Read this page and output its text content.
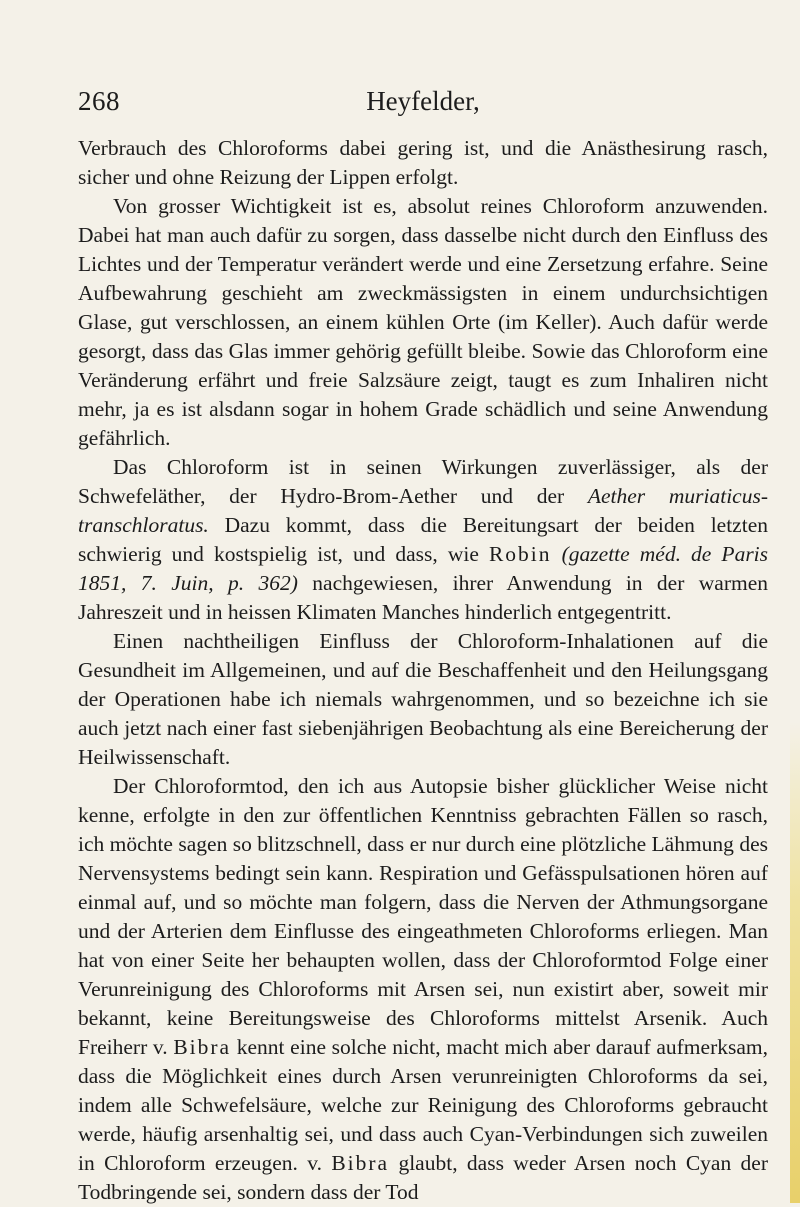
268	Heyfelder,

Verbrauch des Chloroforms dabei gering ist, und die Anästhesirung rasch, sicher und ohne Reizung der Lippen erfolgt.

Von grosser Wichtigkeit ist es, absolut reines Chloroform anzuwenden. Dabei hat man auch dafür zu sorgen, dass dasselbe nicht durch den Einfluss des Lichtes und der Temperatur verändert werde und eine Zersetzung erfahre. Seine Aufbewahrung geschieht am zweckmässigsten in einem undurchsichtigen Glase, gut verschlossen, an einem kühlen Orte (im Keller). Auch dafür werde gesorgt, dass das Glas immer gehörig gefüllt bleibe. Sowie das Chloroform eine Veränderung erfährt und freie Salzsäure zeigt, taugt es zum Inhaliren nicht mehr, ja es ist alsdann sogar in hohem Grade schädlich und seine Anwendung gefährlich.

Das Chloroform ist in seinen Wirkungen zuverlässiger, als der Schwefeläther, der Hydro-Brom-Aether und der Aether muriaticus-transchloratus. Dazu kommt, dass die Bereitungsart der beiden letzten schwierig und kostspielig ist, und dass, wie Robin (gazette méd. de Paris 1851, 7. Juin, p. 362) nachgewiesen, ihrer Anwendung in der warmen Jahreszeit und in heissen Klimaten Manches hinderlich entgegentritt.

Einen nachtheiligen Einfluss der Chloroform-Inhalationen auf die Gesundheit im Allgemeinen, und auf die Beschaffenheit und den Heilungsgang der Operationen habe ich niemals wahrgenommen, und so bezeichne ich sie auch jetzt nach einer fast siebenjährigen Beobachtung als eine Bereicherung der Heilwissenschaft.

Der Chloroformtod, den ich aus Autopsie bisher glücklicher Weise nicht kenne, erfolgte in den zur öffentlichen Kenntniss gebrachten Fällen so rasch, ich möchte sagen so blitzschnell, dass er nur durch eine plötzliche Lähmung des Nervensystems bedingt sein kann. Respiration und Gefässpulsationen hören auf einmal auf, und so möchte man folgern, dass die Nerven der Athmungsorgane und der Arterien dem Einflusse des eingeathmeten Chloroforms erliegen. Man hat von einer Seite her behaupten wollen, dass der Chloroformtod Folge einer Verunreinigung des Chloroforms mit Arsen sei, nun existirt aber, soweit mir bekannt, keine Bereitungsweise des Chloroforms mittelst Arsenik. Auch Freiherr v. Bibra kennt eine solche nicht, macht mich aber darauf aufmerksam, dass die Möglichkeit eines durch Arsen verunreinigten Chloroforms da sei, indem alle Schwefelsäure, welche zur Reinigung des Chloroforms gebraucht werde, häufig arsenhaltig sei, und dass auch Cyan-Verbindungen sich zuweilen in Chloroform erzeugen. v. Bibra glaubt, dass weder Arsen noch Cyan der Todbringende sei, sondern dass der Tod
